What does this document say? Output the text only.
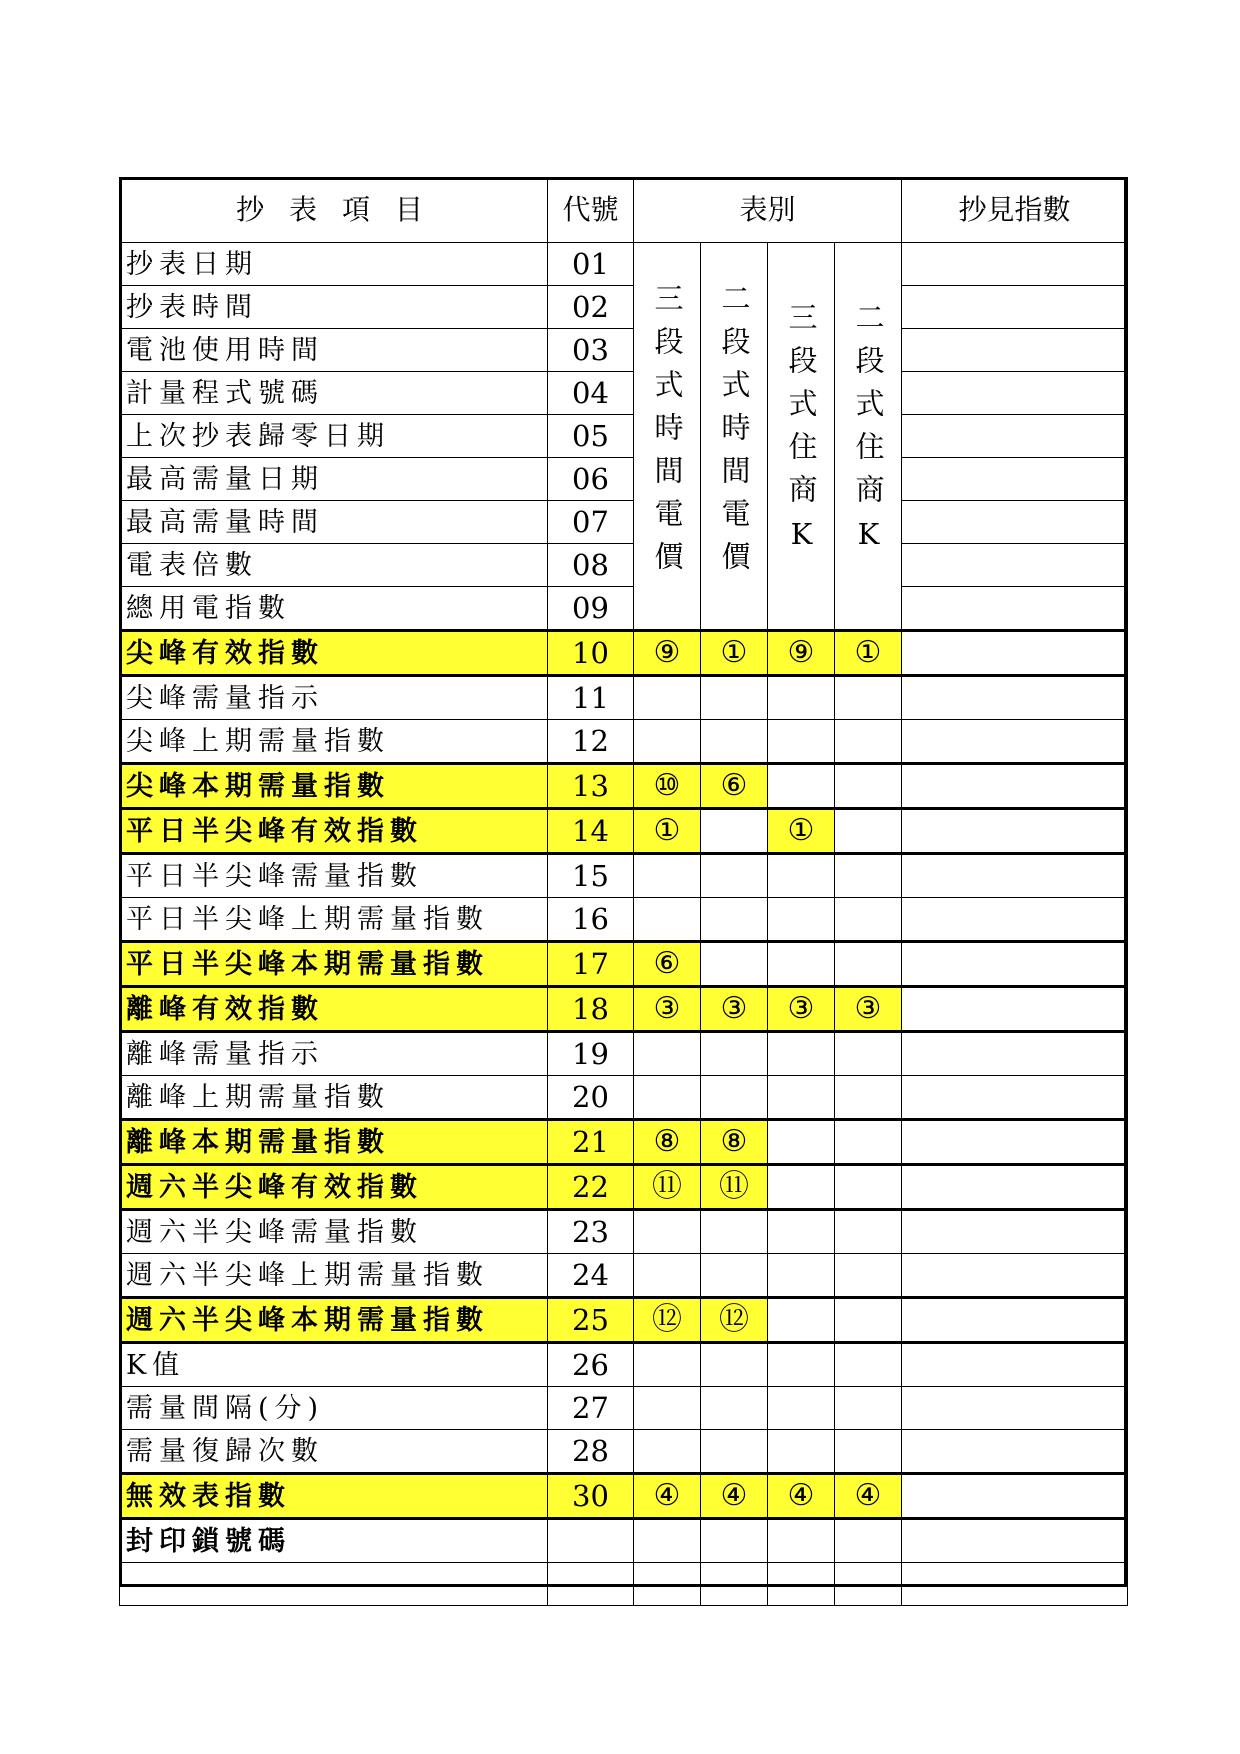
抄 表 項 目	代號	表別				抄見指數
抄表日期	01	三段式時間電價	二段式時間電價	三段式住商K	二段式住商K	
抄表時間	02					
電池使用時間	03					
計量程式號碼	04					
上次抄表歸零日期	05					
最高需量日期	06					
最高需量時間	07					
電表倍數	08					
總用電指數	09					
尖峰有效指數	10	⑨	①	⑨	①	
尖峰需量指示	11					
尖峰上期需量指數	12					
尖峰本期需量指數	13	⑩	⑥			
平日半尖峰有效指數	14	①		①		
平日半尖峰需量指數	15					
平日半尖峰上期需量指數	16					
平日半尖峰本期需量指數	17	⑥				
離峰有效指數	18	③	③	③	③	
離峰需量指示	19					
離峰上期需量指數	20					
離峰本期需量指數	21	⑧	⑧			
週六半尖峰有效指數	22	⑪	⑪			
週六半尖峰需量指數	23					
週六半尖峰上期需量指數	24					
週六半尖峰本期需量指數	25	⑫	⑫			
K值	26					
需量間隔(分)	27					
需量復歸次數	28					
無效表指數	30	④	④	④	④	
封印鎖號碼						
